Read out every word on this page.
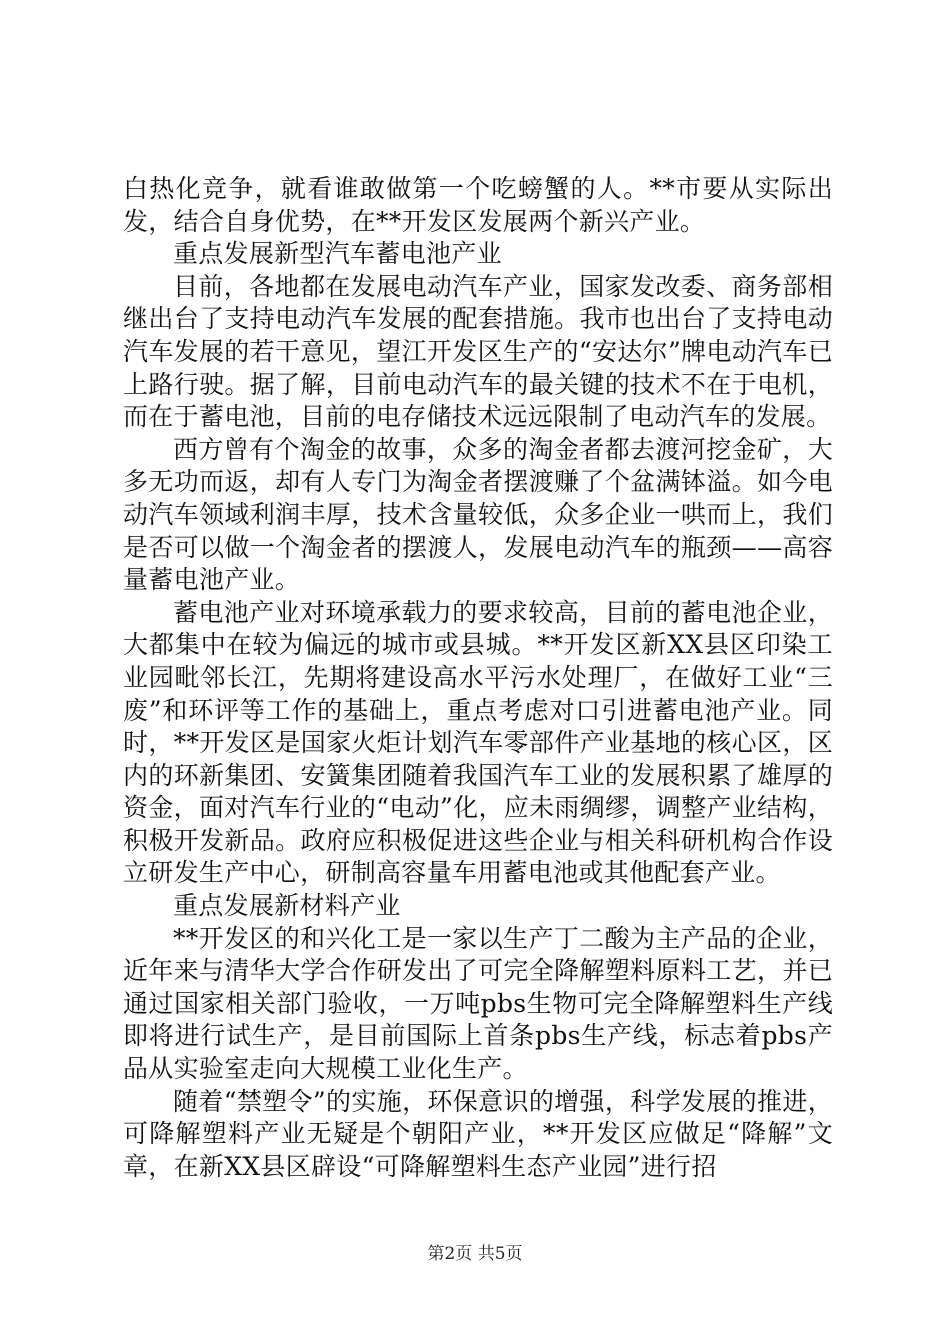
白热化竞争，就看谁敢做第一个吃螃蟹的人。**市要从实际出发，结合自身优势，在**开发区发展两个新兴产业。

重点发展新型汽车蓄电池产业

目前，各地都在发展电动汽车产业，国家发改委、商务部相继出台了支持电动汽车发展的配套措施。我市也出台了支持电动汽车发展的若干意见，望江开发区生产的“安达尔”牌电动汽车已上路行驶。据了解，目前电动汽车的最关键的技术不在于电机，而在于蓄电池，目前的电存储技术远远限制了电动汽车的发展。

西方曾有个淘金的故事，众多的淘金者都去渡河挖金矿，大多无功而返，却有人专门为淘金者摆渡赚了个盆满钵溢。如今电动汽车领域利润丰厚，技术含量较低，众多企业一哄而上，我们是否可以做一个淘金者的摆渡人，发展电动汽车的瓶颈——高容量蓄电池产业。

蓄电池产业对环境承载力的要求较高，目前的蓄电池企业，大都集中在较为偏远的城市或县城。**开发区新XX县区印染工业园毗邻长江，先期将建设高水平污水处理厂，在做好工业“三废”和环评等工作的基础上，重点考虑对口引进蓄电池产业。同时，**开发区是国家火炬计划汽车零部件产业基地的核心区，区内的环新集团、安簧集团随着我国汽车工业的发展积累了雄厚的资金，面对汽车行业的“电动”化，应未雨绸缪，调整产业结构，积极开发新品。政府应积极促进这些企业与相关科研机构合作设立研发生产中心，研制高容量车用蓄电池或其他配套产业。

重点发展新材料产业

**开发区的和兴化工是一家以生产丁二酸为主产品的企业，近年来与清华大学合作研发出了可完全降解塑料原料工艺，并已通过国家相关部门验收，一万吨pbs生物可完全降解塑料生产线即将进行试生产，是目前国际上首条pbs生产线，标志着pbs产品从实验室走向大规模工业化生产。

随着“禁塑令”的实施，环保意识的增强，科学发展的推进，可降解塑料产业无疑是个朝阳产业，**开发区应做足“降解”文章，在新XX县区辟设“可降解塑料生态产业园”进行招

第2页 共5页
